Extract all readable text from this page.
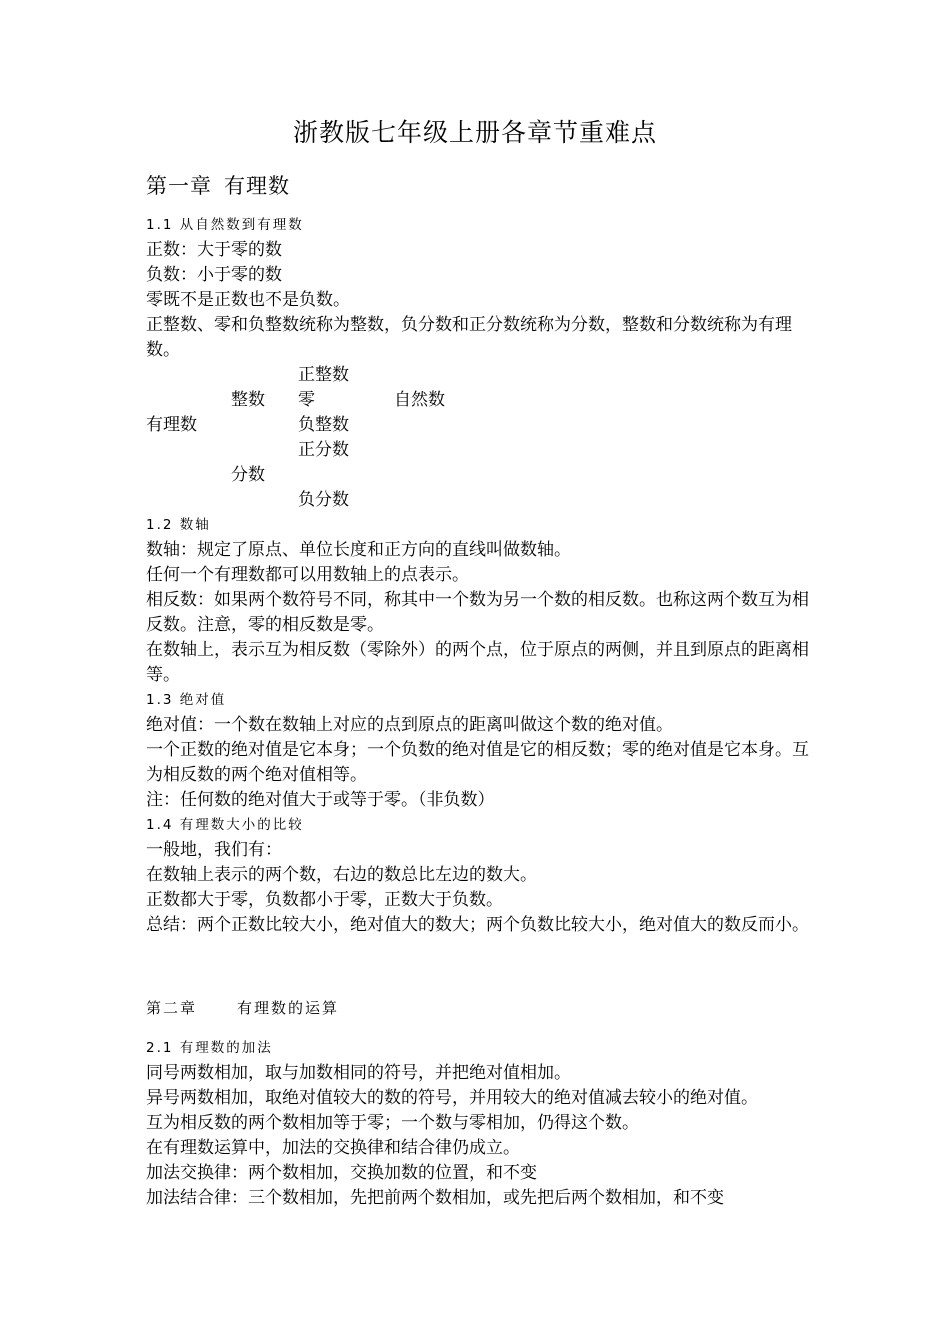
浙教版七年级上册各章节重难点
第一章 有理数

1.1 从自然数到有理数

正数：大于零的数

负数：小于零的数

零既不是正数也不是负数。

正整数、零和负整数统称为整数，负分数和正分数统称为分数，整数和分数统称为有理数。

正整数
整数 零	自然数
有理数	负整数
正分数
分数
负分数

1.2 数轴

数轴：规定了原点、单位长度和正方向的直线叫做数轴。

任何一个有理数都可以用数轴上的点表示。

相反数：如果两个数符号不同，称其中一个数为另一个数的相反数。也称这两个数互为相反数。注意，零的相反数是零。

在数轴上，表示互为相反数（零除外）的两个点，位于原点的两侧，并且到原点的距离相等。

1.3 绝对值

绝对值：一个数在数轴上对应的点到原点的距离叫做这个数的绝对值。

一个正数的绝对值是它本身；一个负数的绝对值是它的相反数；零的绝对值是它本身。互为相反数的两个绝对值相等。

注：任何数的绝对值大于或等于零。（非负数）

1.4 有理数大小的比较

一般地，我们有：

在数轴上表示的两个数，右边的数总比左边的数大。

正数都大于零，负数都小于零，正数大于负数。

总结：两个正数比较大小，绝对值大的数大；两个负数比较大小，绝对值大的数反而小。

第二章	有理数的运算

2.1 有理数的加法

同号两数相加，取与加数相同的符号，并把绝对值相加。

异号两数相加，取绝对值较大的数的符号，并用较大的绝对值减去较小的绝对值。

互为相反数的两个数相加等于零；一个数与零相加，仍得这个数。

在有理数运算中，加法的交换律和结合律仍成立。

加法交换律：两个数相加，交换加数的位置，和不变

加法结合律：三个数相加，先把前两个数相加，或先把后两个数相加，和不变
